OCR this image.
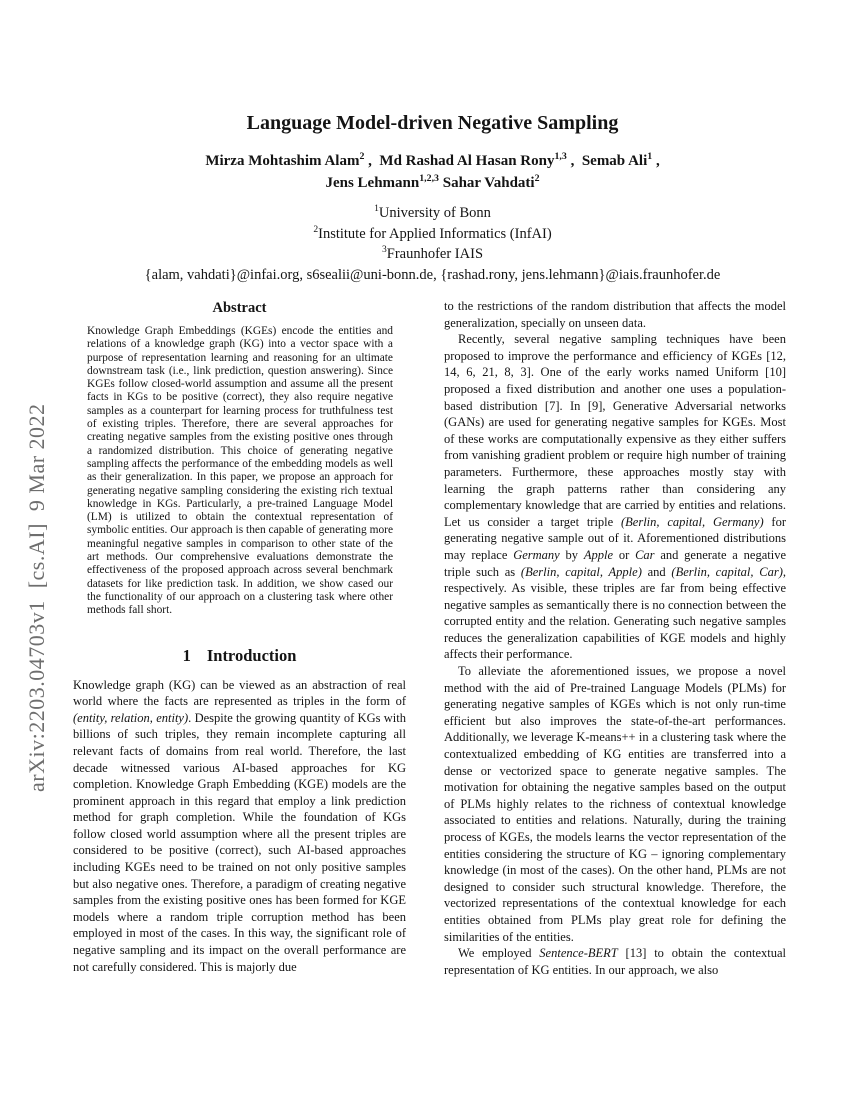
arXiv:2203.04703v1  [cs.AI]  9 Mar 2022
Language Model-driven Negative Sampling
Mirza Mohtashim Alam$^2$ ,  Md Rashad Al Hasan Rony$^{1,3}$ ,  Semab Ali$^1$ ,
Jens Lehmann$^{1,2,3}$ Sahar Vahdati$^2$
$^1$University of Bonn
$^2$Institute for Applied Informatics (InfAI)
$^3$Fraunhofer IAIS
{alam, vahdati}@infai.org, s6sealii@uni-bonn.de, {rashad.rony, jens.lehmann}@iais.fraunhofer.de
Abstract

Knowledge Graph Embeddings (KGEs) encode the entities and relations of a knowledge graph (KG) into a vector space with a purpose of representation learning and reasoning for an ultimate downstream task (i.e., link prediction, question answering). Since KGEs follow closed-world assumption and assume all the present facts in KGs to be positive (correct), they also require negative samples as a counterpart for learning process for truthfulness test of existing triples. Therefore, there are several approaches for creating negative samples from the existing positive ones through a randomized distribution. This choice of generating negative sampling affects the performance of the embedding models as well as their generalization. In this paper, we propose an approach for generating negative sampling considering the existing rich textual knowledge in KGs. Particularly, a pre-trained Language Model (LM) is utilized to obtain the contextual representation of symbolic entities. Our approach is then capable of generating more meaningful negative samples in comparison to other state of the art methods. Our comprehensive evaluations demonstrate the effectiveness of the proposed approach across several benchmark datasets for like prediction task. In addition, we show cased our the functionality of our approach on a clustering task where other methods fall short.

1 Introduction

Knowledge graph (KG) can be viewed as an abstraction of real world where the facts are represented as triples in the form of (entity, relation, entity). Despite the growing quantity of KGs with billions of such triples, they remain incomplete capturing all relevant facts of domains from real world. Therefore, the last decade witnessed various AI-based approaches for KG completion. Knowledge Graph Embedding (KGE) models are the prominent approach in this regard that employ a link prediction method for graph completion. While the foundation of KGs follow closed world assumption where all the present triples are considered to be positive (correct), such AI-based approaches including KGEs need to be trained on not only positive samples but also negative ones. Therefore, a paradigm of creating negative samples from the existing positive ones has been formed for KGE models where a random triple corruption method has been employed in most of the cases. In this way, the significant role of negative sampling and its impact on the overall performance are not carefully considered. This is majorly due

to the restrictions of the random distribution that affects the model generalization, specially on unseen data.

Recently, several negative sampling techniques have been proposed to improve the performance and efficiency of KGEs [12, 14, 6, 21, 8, 3]. One of the early works named Uniform [10] proposed a fixed distribution and another one uses a population-based distribution [7]. In [9], Generative Adversarial networks (GANs) are used for generating negative samples for KGEs. Most of these works are computationally expensive as they either suffers from vanishing gradient problem or require high number of training parameters. Furthermore, these approaches mostly stay with learning the graph patterns rather than considering any complementary knowledge that are carried by entities and relations. Let us consider a target triple (Berlin, capital, Germany) for generating negative sample out of it. Aforementioned distributions may replace Germany by Apple or Car and generate a negative triple such as (Berlin, capital, Apple) and (Berlin, capital, Car), respectively. As visible, these triples are far from being effective negative samples as semantically there is no connection between the corrupted entity and the relation. Generating such negative samples reduces the generalization capabilities of KGE models and highly affects their performance.

To alleviate the aforementioned issues, we propose a novel method with the aid of Pre-trained Language Models (PLMs) for generating negative samples of KGEs which is not only run-time efficient but also improves the state-of-the-art performances. Additionally, we leverage K-means++ in a clustering task where the contextualized embedding of KG entities are transferred into a dense or vectorized space to generate negative samples. The motivation for obtaining the negative samples based on the output of PLMs highly relates to the richness of contextual knowledge associated to entities and relations. Naturally, during the training process of KGEs, the models learns the vector representation of the entities considering the structure of KG – ignoring complementary knowledge (in most of the cases). On the other hand, PLMs are not designed to consider such structural knowledge. Therefore, the vectorized representations of the contextual knowledge for each entities obtained from PLMs play great role for defining the similarities of the entities.

We employed Sentence-BERT [13] to obtain the contextual representation of KG entities. In our approach, we also
